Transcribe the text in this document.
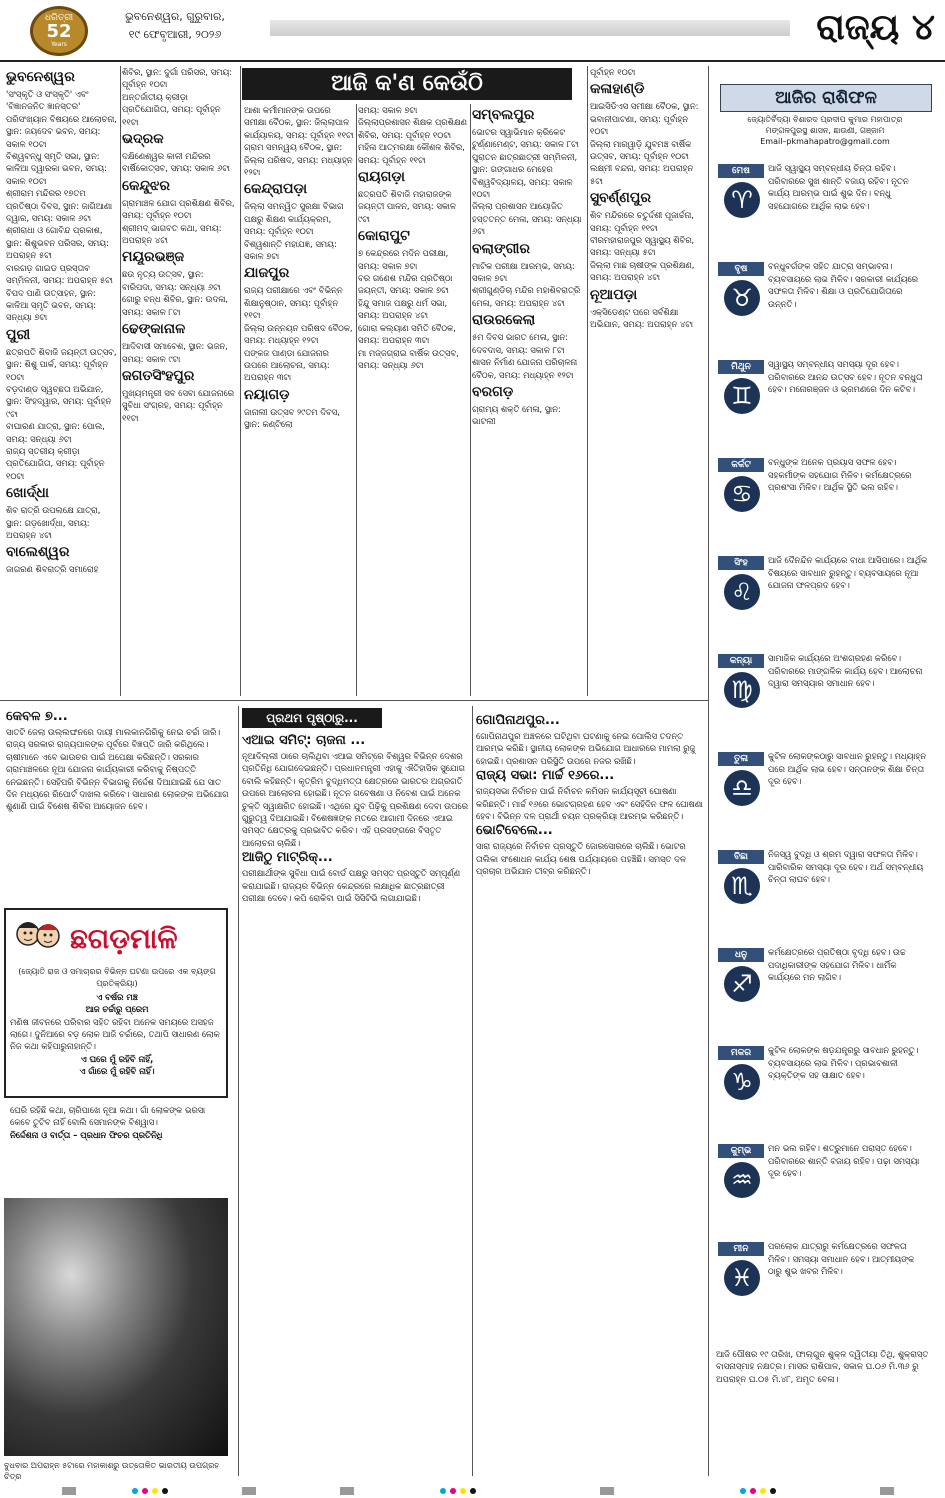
ଧରିତ୍ରୀ
52
Years
ଭୁବନେଶ୍ୱର, ଗୁରୁବାର,
୧୯ ଫେବୃଆରୀ, ୨୦୨୬	ରାଜ୍ୟ ୪
ଆଜି କ'ଣ କେଉଁଠି
ଭୁବନେଶ୍ୱର
'ସଂସ୍କୃତି ଓ ସଂସ୍କୃତି' ଏବଂ 'ବିଜ୍ଞାନଜନିତ ଜ୍ଞାନସ୍ତର' ପରିସଂଖ୍ୟାନ ବିଷୟରେ ଆଲୋଚନା, ସ୍ଥାନ: ଜୟଦେବ ଭବନ, ସମୟ: ସକାଳ ୧୦ଟା
ବିଶ୍ୱବନ୍ଧୁ ସ୍ମୃତି ସଭା, ସ୍ଥାନ: କାଳିଆ ଦ୍ୱାରକା ଭବନ, ସମୟ: ସକାଳ ୧୦ଟା
ଶ୍ରୀରାମ ମନ୍ଦିରର ୧୭ତମ ପ୍ରତିଷ୍ଠା ଦିବସ, ସ୍ଥାନ: ଜାଗିଆଣା ଦ୍ୱାର, ସମୟ: ସକାଳ ୬ଟା
ଶ୍ରୀରାଧା ଓ ଗୋବିନ୍ଦ ପ୍ରକାଶ, ସ୍ଥାନ: ଶିଶୁଭବନ ପରିସର, ସମୟ: ଅପରାହ୍ନ ୫ଟା
ବାରଗଡ଼ ଗାଇଡ ପ୍ରସ୍ତାବ ସମ୍ମିଳନୀ, ସମୟ: ଅପରାହ୍ନ ୫ଟା
ବିପଦ ପାଣି ଉତ୍ସାହନ, ସ୍ଥାନ: କାଳିଆ ସ୍ମୃତି ଭବନ, ସମୟ: ସନ୍ଧ୍ୟା ୭ଟା
ପୁରୀ
ଛତ୍ରପତି ଶିବାଜି ଜୟନ୍ତୀ ଉତ୍ସବ, ସ୍ଥାନ: ଶିଶୁ ପାର୍କ, ସମୟ: ପୂର୍ବାହ୍ନ ୧୦ଟା
ବଡ଼ଦାଣ୍ଡ ସ୍ୱଚ୍ଛତା ଅଭିଯାନ, ସ୍ଥାନ: ସିଂହଦ୍ୱାର, ସମୟ: ପୂର୍ବାହ୍ନ ୯ଟା
ବାଘାରଣ ଯାତ୍ରା, ସ୍ଥାନ: ପୋଲ, ସମୟ: ସନ୍ଧ୍ୟା ୬ଟା
ରାଜ୍ୟ ସ୍ତରୀୟ କ୍ରୀଡ଼ା ପ୍ରତିଯୋଗିତା, ସମୟ: ପୂର୍ବାହ୍ନ ୧୦ଟା
ଖୋର୍ଦ୍ଧା
ଶିବ ରାତ୍ରି ଉପଲକ୍ଷେ ଯାତ୍ରା, ସ୍ଥାନ: ଗଡ଼ଖୋର୍ଦ୍ଧା, ସମୟ: ଅପରାହ୍ନ ୪ଟା
ବାଲେଶ୍ୱର
ଜାଗରଣ ଶିବରାତ୍ରି ସମାରୋହ
ଶିବିର, ସ୍ଥାନ: ଦୁର୍ଗା ପରିସର, ସମୟ: ପୂର୍ବାହ୍ନ ୧୦ଟା
ଅନ୍ତର୍ଜାତୀୟ କ୍ରୀଡ଼ା ପ୍ରତିଯୋଗିତା, ସମୟ: ପୂର୍ବାହ୍ନ ୧୧ଟା
ଭଦ୍ରକ
ଦକ୍ଷିଣେଶ୍ୱର କାଳୀ ମନ୍ଦିରର ବାର୍ଷିକୋତ୍ସବ, ସମୟ: ସକାଳ ୬ଟା
କେନ୍ଦୁଝର
ଗ୍ରାମାଞ୍ଚଳ ଯୋଗ ପ୍ରଶିକ୍ଷଣ ଶିବିର, ସମୟ: ପୂର୍ବାହ୍ନ ୧୦ଟା
ଶ୍ରୀମଦ୍ ଭାଗବତ କଥା, ସମୟ: ଅପରାହ୍ନ ୪ଟା
ମୟୂରଭଞ୍ଜ
ଛଉ ନୃତ୍ୟ ଉତ୍ସବ, ସ୍ଥାନ: ବାରିପଦା, ସମୟ: ସନ୍ଧ୍ୟା ୬ଟା
ଗୋରୁ ବନ୍ଧ ଶିବିର, ସ୍ଥାନ: ଉଦଳା, ସମୟ: ସକାଳ ୮ଟା
ଢେଙ୍କାନାଳ
ଆଦିବାସୀ ସମାବେଶ, ସ୍ଥାନ: ଭଜନ, ସମୟ: ସକାଳ ୯ଟା
ଜଗତସିଂହପୁର
ମୁଖ୍ୟମନ୍ତ୍ରୀ ସବ ସେବା ଯୋଜନାରେ ସୁବିଧା ସଂଗ୍ରହ, ସମୟ: ପୂର୍ବାହ୍ନ ୧୧ଟା
ଆଶା କର୍ମୀମାନଙ୍କ ଉପରେ ସମୀକ୍ଷା ବୈଠକ, ସ୍ଥାନ: ଜିଲ୍ଲାପାଳ କାର୍ଯ୍ୟାଳୟ, ସମୟ: ପୂର୍ବାହ୍ନ ୧୧ଟା
ଗ୍ରାମ ସମନ୍ୱୟ ବୈଠକ, ସ୍ଥାନ: ଜିଲ୍ଲା ପରିଷଦ, ସମୟ: ମଧ୍ୟାହ୍ନ ୧୨ଟା
କେନ୍ଦ୍ରାପଡ଼ା
ଜିଲ୍ଲା ସମନ୍ୱିତ ସୁରକ୍ଷା ବିଭାଗ ପକ୍ଷରୁ ଶିକ୍ଷଣ କାର୍ଯ୍ୟକ୍ରମ, ସମୟ: ପୂର୍ବାହ୍ନ ୧୦ଟା
ବିଶ୍ୱଶାନ୍ତି ମହାଯଜ୍ଞ, ସମୟ: ସକାଳ ୭ଟା
ଯାଜପୁର
ରାଜ୍ୟ ପରୀକ୍ଷାରେ ଏବଂ ବିଭିନ୍ନ ଶିକ୍ଷାନୁଷ୍ଠାନ, ସମୟ: ପୂର୍ବାହ୍ନ ୧୧ଟା
ଜିଲ୍ଲା ଉନ୍ନୟନ ପରିଷଦ ବୈଠକ, ସମୟ: ମଧ୍ୟାହ୍ନ ୧୨ଟା
ପଙ୍କଜ ପାଣ୍ଡା ଯୋଜନାର ଉପରେ ଆଲୋଚନା, ସମୟ: ଅପରାହ୍ନ ୩ଟା
ନୟାଗଡ଼
ଜାନାଲୀ ଉତ୍ସବ ୨୯ତମ ଦିବସ, ସ୍ଥାନ: କଣ୍ଟିଲୋ
ସମୟ: ସକାଳ ୭ଟା
ଜିଲ୍ଲାପ୍ରଶାସନ ଶିକ୍ଷକ ପ୍ରଶିକ୍ଷଣ ଶିବିର, ସମୟ: ପୂର୍ବାହ୍ନ ୧୦ଟା
ମହିଳା ଆତ୍ମରକ୍ଷା କୌଶଳ ଶିବିର, ସମୟ: ପୂର୍ବାହ୍ନ ୧୧ଟା
ରାୟଗଡ଼ା
ଛତ୍ରପତି ଶିବାଜି ମହାରାଜଙ୍କ ଜୟନ୍ତୀ ପାଳନ, ସମୟ: ସକାଳ ୯ଟା
କୋରାପୁଟ
୭ କେନ୍ଦ୍ରରେ ମଦିନ ପରୀକ୍ଷା, ସମୟ: ସକାଳ ୭ଟା
ବର ଗଣେଶ ମନ୍ଦିର ପ୍ରତିଷ୍ଠା ଜୟନ୍ତୀ, ସମୟ: ସକାଳ ୭ଟା
ହିନ୍ଦୁ ସମାଜ ପକ୍ଷରୁ ଧର୍ମ ସଭା, ସମୟ: ଅପରାହ୍ନ ୪ଟା
ଗୋରା କଲ୍ୟାଣ ସମିତି ବୈଠକ, ସମୟ: ଅପରାହ୍ନ ୩ଟା
ମା ମଜ୍ଜଗ୍ରାଇ ବାର୍ଷିକ ଉତ୍ସବ, ସମୟ: ସନ୍ଧ୍ୟା ୬ଟା
ସମ୍ବଲପୁର
ଭୋଟର ସ୍ୱାଭିମାନ କ୍ରିକେଟ ଟୁର୍ଣ୍ଣାମେଣ୍ଟ, ସମୟ: ସକାଳ ୮ଟା
ପୁରାତନ ଛାତ୍ରଛାତ୍ରୀ ସମ୍ମିଳନୀ, ସ୍ଥାନ: ଗଙ୍ଗାଧର ମେହେର ବିଶ୍ୱବିଦ୍ୟାଳୟ, ସମୟ: ସକାଳ ୧୦ଟା
ଜିଲ୍ଲା ପ୍ରଶାସନ ଆୟୋଜିତ ହସ୍ତତନ୍ତ ମେଳା, ସମୟ: ସନ୍ଧ୍ୟା ୬ଟା
ବଲାଙ୍ଗୀର
ମାଟିକ ପରୀକ୍ଷା ଆରମ୍ଭ, ସମୟ: ସକାଳ ୭ଟା
ଶ୍ରୀଗୁଣ୍ଡିଚା ମନ୍ଦିର ମହାଶିବରାତ୍ରି ମେଳା, ସମୟ: ଅପରାହ୍ନ ୪ଟା
ରାଉରକେଲା
୫ମ ଦିବସ ଭାରତ ମେଳା, ସ୍ଥାନ: ଦେବଦାସ, ସମୟ: ସକାଳ ୮ଟା
ଶାସନ ନିର୍ମାଣ ଯୋଜନା ପରିଚାଳନା ବୈଠକ, ସମୟ: ମଧ୍ୟାହ୍ନ ୧୨ଟା
ବରଗଡ଼
ଗ୍ରାମ୍ୟ ଶକ୍ତି ମେଳା, ସ୍ଥାନ: ଭାଟଲୀ
ପୂର୍ବାହ୍ନ ୧୦ଟା
କଳାହାଣ୍ଡି
ଆଇସିଡିଏସ ସମୀକ୍ଷା ବୈଠକ, ସ୍ଥାନ: ଭବାନୀପାଟଣା, ସମୟ: ପୂର୍ବାହ୍ନ ୧୦ଟା
ଜିଲ୍ଲା ମାରୱାଡ଼ି ଯୁବମଞ୍ଚ ବାର୍ଷିକ ଉତ୍ସବ, ସମୟ: ପୂର୍ବାହ୍ନ ୧୦ଟା
ଲକ୍ଷ୍ମୀ ବନ୍ଦନା, ସମୟ: ଅପରାହ୍ନ ୫ଟା
ସୁବର୍ଣ୍ଣପୁର
ଶିବ ମନ୍ଦିରରେ ଚତୁର୍ଦ୍ଦଶୀ ପୂଜାର୍ଚ୍ଚନା, ସମୟ: ପୂର୍ବାହ୍ନ ୧୧ଟା
ବୀରମହାରାଜପୁର ସ୍ୱାସ୍ଥ୍ୟ ଶିବିର, ସମୟ: ସନ୍ଧ୍ୟା ୫ଟା
ଜିଲ୍ଲା ମାଛ ଚାଷୀଙ୍କ ପ୍ରଶିକ୍ଷଣ, ସମୟ: ଅପରାହ୍ନ ୪ଟା
ନୂଆପଡ଼ା
ଏକ୍ସିଡେଣ୍ଟ ପରେ ସର୍ବଶିକ୍ଷା ଅଭିଯାନ, ସମୟ: ଅପରାହ୍ନ ୪ଟା
ଆଜିର ରାଶିଫଳ
ଜ୍ୟୋତିର୍ବିଦ୍ୟା ବିଶାରଦ ପ୍ରଦୀପ କୁମାର ମହାପାତ୍ର
ମଙ୍ଗଳପୁରସ୍ଥ ଶାସନ, ଛାଉଣୀ, ଗଞ୍ଜାମ
Email–pkmahapatro@gmail.com
ମେଷ
♈
ଆଜି ସ୍ୱାସ୍ଥ୍ୟ ସମ୍ବନ୍ଧୀୟ ଚିନ୍ତା ରହିବ। ପରିବାରରେ ସୁଖ ଶାନ୍ତି ବଜାୟ ରହିବ। ନୂତନ କାର୍ଯ୍ୟ ଆରମ୍ଭ ପାଇଁ ଶୁଭ ଦିନ। ବନ୍ଧୁ ସହଯୋଗରେ ଆର୍ଥିକ ଲାଭ ହେବ।
ବୃଷ
♉
ବନ୍ଧୁବର୍ଗଙ୍କ ସହିତ ଯାତ୍ରା ସମ୍ଭାବନା। ବ୍ୟବସାୟରେ ଲାଭ ମିଳିବ। ସରକାରୀ କାର୍ଯ୍ୟରେ ସଫଳତା ମିଳିବ। ଶିକ୍ଷା ଓ ପ୍ରତିଯୋଗିତାରେ ଉନ୍ନତି।
ମିଥୁନ
♊
ସ୍ୱାସ୍ଥ୍ୟ ସମ୍ବନ୍ଧୀୟ ସମସ୍ୟା ଦୂର ହେବ। ପରିବାରରେ ଆନନ୍ଦ ଉତ୍ସବ ହେବ। ନୂତନ ବନ୍ଧୁତା ହେବ। ମନୋରଞ୍ଜନ ଓ ଭ୍ରମଣରେ ଦିନ କଟିବ।
କର୍କଟ
♋
ବନ୍ଧୁଙ୍କ ଅନେକ ପ୍ରୟାସ ସଫଳ ହେବ। ସହକର୍ମୀଙ୍କ ସହଯୋଗ ମିଳିବ। କର୍ମକ୍ଷେତ୍ରରେ ପ୍ରଶଂସା ମିଳିବ। ଆର୍ଥିକ ସ୍ଥିତି ଭଲ ରହିବ।
ସିଂହ
♌
ଆଜି ଦୈନନ୍ଦିନ କାର୍ଯ୍ୟରେ ବାଧା ଆସିପାରେ। ଆର୍ଥିକ ବିଷୟରେ ସାବଧାନ ରୁହନ୍ତୁ। ବ୍ୟବସାୟରେ ନୂଆ ଯୋଜନା ଫଳପ୍ରଦ ହେବ।
କନ୍ୟା
♍
ସାମାଜିକ କାର୍ଯ୍ୟରେ ଅଂଶଗ୍ରହଣ କରିବେ। ପରିବାରରେ ମାଙ୍ଗଳିକ କାର୍ଯ୍ୟ ହେବ। ଆଲୋଚନା ଦ୍ୱାରା ସମସ୍ୟାର ସମାଧାନ ହେବ।
ତୁଳା
♎
କୁଟିଳ ଲୋକଙ୍କଠାରୁ ସାବଧାନ ରୁହନ୍ତୁ। ମଧ୍ୟାହ୍ନ ପରେ ଆର୍ଥିକ ଲାଭ ହେବ। ସନ୍ତାନଙ୍କ ଶିକ୍ଷା ଚିନ୍ତା ଦୂର ହେବ।
ବିଛା
♏
ନିଜସ୍ୱ ବୁଦ୍ଧି ଓ ଶ୍ରମ ଦ୍ୱାରା ସଫଳତା ମିଳିବ। ପାରିବାରିକ ସମସ୍ୟା ଦୂର ହେବ। ଅର୍ଥ ସମ୍ବନ୍ଧୀୟ ଚିନ୍ତା ଲାଘବ ହେବ।
ଧନୁ
♐
କର୍ମକ୍ଷେତ୍ରରେ ପ୍ରତିଷ୍ଠା ବୃଦ୍ଧି ହେବ। ଉଚ୍ଚ ପଦାଧିକାରୀଙ୍କ ସହଯୋଗ ମିଳିବ। ଧାର୍ମିକ କାର୍ଯ୍ୟରେ ମନ ଲାଗିବ।
ମକର
♑
କୁଟିଳ ଲୋକଙ୍କ ଷଡ଼ଯନ୍ତ୍ରରୁ ସାବଧାନ ରୁହନ୍ତୁ। ବ୍ୟବସାୟରେ ଲାଭ ମିଳିବ। ପ୍ରଭାବଶାଳୀ ବ୍ୟକ୍ତିଙ୍କ ସହ ସାକ୍ଷାତ ହେବ।
କୁମ୍ଭ
♒
ମନ ଭଲ ରହିବ। ଶତ୍ରୁମାନେ ପରାସ୍ତ ହେବେ। ପରିବାରରେ ଶାନ୍ତି ବଜାୟ ରହିବ। ପଢ଼ା ସମସ୍ୟା ଦୂର ହେବ।
ମୀନ
♓
ପରଲୋକ ଯାତ୍ରାରୁ କର୍ମକ୍ଷେତ୍ରରେ ସଫଳତା ମିଳିବ। ସମସ୍ୟା ସମାଧାନ ହେବ। ଆତ୍ମୀୟଙ୍କ ଠାରୁ ଶୁଭ ଖବର ମିଳିବ।
ଆଜି ପୌଷର ୧୯ ତାରିଖ, ଫାଲ୍‌ଗୁନ ଶୁକ୍ଳ ଦ୍ୱିତୀୟା ତିଥି, ଶୁକ୍ରାସ୍ତ ବାସନାସ୍ମାହ ନକ୍ଷତ୍ର। ମାସର ରାଶିପାଳ, ସକାଳ ଘ.୦୬ ମି.୩୬ ରୁ ଅପରାହ୍ନ ଘ.୦୫ ମି.୪୮, ଅମୃତ ବେଳା।
କେବଳ ୭...
ସାତଟି ଜେଲା ଉଲ୍ଲଙ୍ଘନରେ ଦାୟୀ ମାଲକାନଗିରିକୁ ନେଇ ଚର୍ଚ୍ଚା ଜାରି। ରାଜ୍ୟ ସରକାର ରାଜ୍ୟପାଳଙ୍କ ପୂର୍ବରେ ବିଜ୍ଞପ୍ତି ଜାରି କରିଥିଲେ। ଚାଷୀମାନେ ଏବେ ଭାଉଚର ପାଇଁ ଅପେକ୍ଷା କରିଛନ୍ତି। ସରକାର ଗ୍ରାମାଞ୍ଚଳରେ ନୂଆ ଯୋଜନା କାର୍ଯ୍ୟକାରୀ କରିବାକୁ ନିଷ୍ପତ୍ତି ନେଇଛନ୍ତି। ସେହିପରି ବିଭିନ୍ନ ବିଭାଗକୁ ନିର୍ଦ୍ଦେଶ ଦିଆଯାଇଛି ଯେ ସାତ ଦିନ ମଧ୍ୟରେ ରିପୋର୍ଟ ଦାଖଲ କରିବେ। ସାଧାରଣ ଲୋକଙ୍କ ଅଭିଯୋଗ ଶୁଣାଣି ପାଇଁ ବିଶେଷ ଶିବିର ଆୟୋଜନ ହେବ।
ଛଗଡ଼ମାଳି
(ଜ୍ୟୋତି ରାଜ ଓ ସମାଚାରର ବିଭିନ୍ନ ଘଟଣା ଉପରେ ଏକ ବ୍ୟଙ୍ଗ ପ୍ରତିକ୍ରିୟା)
ଏ ବର୍ଷର ମଞ୍ଚ
ଆଜ ଚର୍ଚ୍ଚାରୁ ପ୍ରେମ
ମଣିଷ ଜୀବନରେ ପରିବାର ସହିତ ରହିବା ଅନେକ ସମୟରେ ଅସହଜ ଲାଗେ। ଦୁନିଆରେ ବଡ଼ ଲୋକ ଆଜି ଚର୍ଚ୍ଚାରେ, ତଥାପି ସାଧାରଣ ଲୋକ ନିଜ କଥା କହିପାରୁନାହାନ୍ତି।
ଏ ଘରେ ମୁଁ ରହିବି ନାହିଁ,
ଏ ଗାଁରେ ମୁଁ ରହିବି ନାହିଁ।
ଘେରି ରହିଛି କଥା, ଚାରିପାଖେ ନୂଆ କଥା। ଗାଁ ଲୋକଙ୍କ ଭରସା କେବେ ତୁଟିବ ନାହିଁ ବୋଲି ସେମାନଙ୍କ ବିଶ୍ୱାସ।
ନିର୍ଦ୍ଦେଶନା ଓ ବାର୍ତ୍ତା – ପ୍ରଧାନ ଫିଚର ପ୍ରତିନିଧି
ବୁଧବାର ଅପରାହ୍ନ ୫ଟାରେ ମହାକାଶରୁ ଉତ୍ତୋଳିତ ଭାରତୀୟ ଉପଗ୍ରହ ଚିତ୍ର
ପ୍ରଥମ ପୃଷ୍ଠାରୁ...
ଏଆଇ ସମିଟ୍: ଚାଜନା ...
ନୂଆଦିଲ୍ଲୀ ଠାରେ ଚାଲିଥିବା ଏଆଇ ସମିଟ୍‌ରେ ବିଶ୍ୱର ବିଭିନ୍ନ ଦେଶର ପ୍ରତିନିଧି ଯୋଗଦେଇଛନ୍ତି। ପ୍ରଧାନମନ୍ତ୍ରୀ ଏହାକୁ ଐତିହାସିକ ସୁଯୋଗ ବୋଲି କହିଛନ୍ତି। କୃତ୍ରିମ ବୁଦ୍ଧିମତ୍ତା କ୍ଷେତ୍ରରେ ଭାରତର ଅଗ୍ରଗତି ଉପରେ ଆଲୋଚନା ହୋଇଛି। ନୂତନ ଗବେଷଣା ଓ ନିବେଶ ପାଇଁ ଅନେକ ଚୁକ୍ତି ସ୍ୱାକ୍ଷରିତ ହୋଇଛି। ଏଥିରେ ଯୁବ ପିଢ଼ିକୁ ପ୍ରଶିକ୍ଷଣ ଦେବା ଉପରେ ଗୁରୁତ୍ୱ ଦିଆଯାଇଛି। ବିଶେଷଜ୍ଞଙ୍କ ମତରେ ଆଗାମୀ ଦିନରେ ଏଆଇ ସମସ୍ତ କ୍ଷେତ୍ରକୁ ପ୍ରଭାବିତ କରିବ। ଏହି ପ୍ରସଙ୍ଗରେ ବିସ୍ତୃତ ଆଲୋଚନା ଚାଲିଛି।
ଆଜିଠୁ ମାଟ୍ରିକ୍...
ପରୀକ୍ଷାର୍ଥୀଙ୍କ ସୁବିଧା ପାଇଁ ବୋର୍ଡ ପକ୍ଷରୁ ସମସ୍ତ ପ୍ରସ୍ତୁତି ସମ୍ପୂର୍ଣ୍ଣ କରାଯାଇଛି। ରାଜ୍ୟର ବିଭିନ୍ନ କେନ୍ଦ୍ରରେ ଲକ୍ଷାଧିକ ଛାତ୍ରଛାତ୍ରୀ ପରୀକ୍ଷା ଦେବେ। କପି ରୋକିବା ପାଇଁ ସିସିଟିଭି ଲଗାଯାଇଛି।
ଗୋପିନାଥପୁର...
ଗୋପିନାଥପୁର ଅଞ୍ଚଳରେ ଘଟିଥିବା ଘଟଣାକୁ ନେଇ ପୋଲିସ ତଦନ୍ତ ଆରମ୍ଭ କରିଛି। ସ୍ଥାନୀୟ ଲୋକଙ୍କ ଅଭିଯୋଗ ଆଧାରରେ ମାମଲା ରୁଜୁ ହୋଇଛି। ପ୍ରଶାସନ ପରିସ୍ଥିତି ଉପରେ ନଜର ରଖିଛି।
ରାଜ୍ୟ ସଭା: ମାର୍ଚ୍ଚ ୧୬ରେ...
ରାଜ୍ୟସଭା ନିର୍ବାଚନ ପାଇଁ ନିର୍ବାଚନ କମିସନ କାର୍ଯ୍ୟସୂଚୀ ଘୋଷଣା କରିଛନ୍ତି। ମାର୍ଚ୍ଚ ୧୬ରେ ଭୋଟଗ୍ରହଣ ହେବ ଏବଂ ସେହିଦିନ ଫଳ ଘୋଷଣା ହେବ। ବିଭିନ୍ନ ଦଳ ପ୍ରାର୍ଥୀ ଚୟନ ପ୍ରକ୍ରିୟା ଆରମ୍ଭ କରିଛନ୍ତି।
ଭୋଟିବେଲେ...
ସାରା ରାଜ୍ୟରେ ନିର୍ବାଚନ ପ୍ରସ୍ତୁତି ଜୋରସୋରରେ ଚାଲିଛି। ଭୋଟର ତାଲିକା ସଂଶୋଧନ କାର୍ଯ୍ୟ ଶେଷ ପର୍ଯ୍ୟାୟରେ ପହଞ୍ଚିଛି। ସମସ୍ତ ଦଳ ପ୍ରଚାର ଅଭିଯାନ ତୀବ୍ର କରିଛନ୍ତି।
